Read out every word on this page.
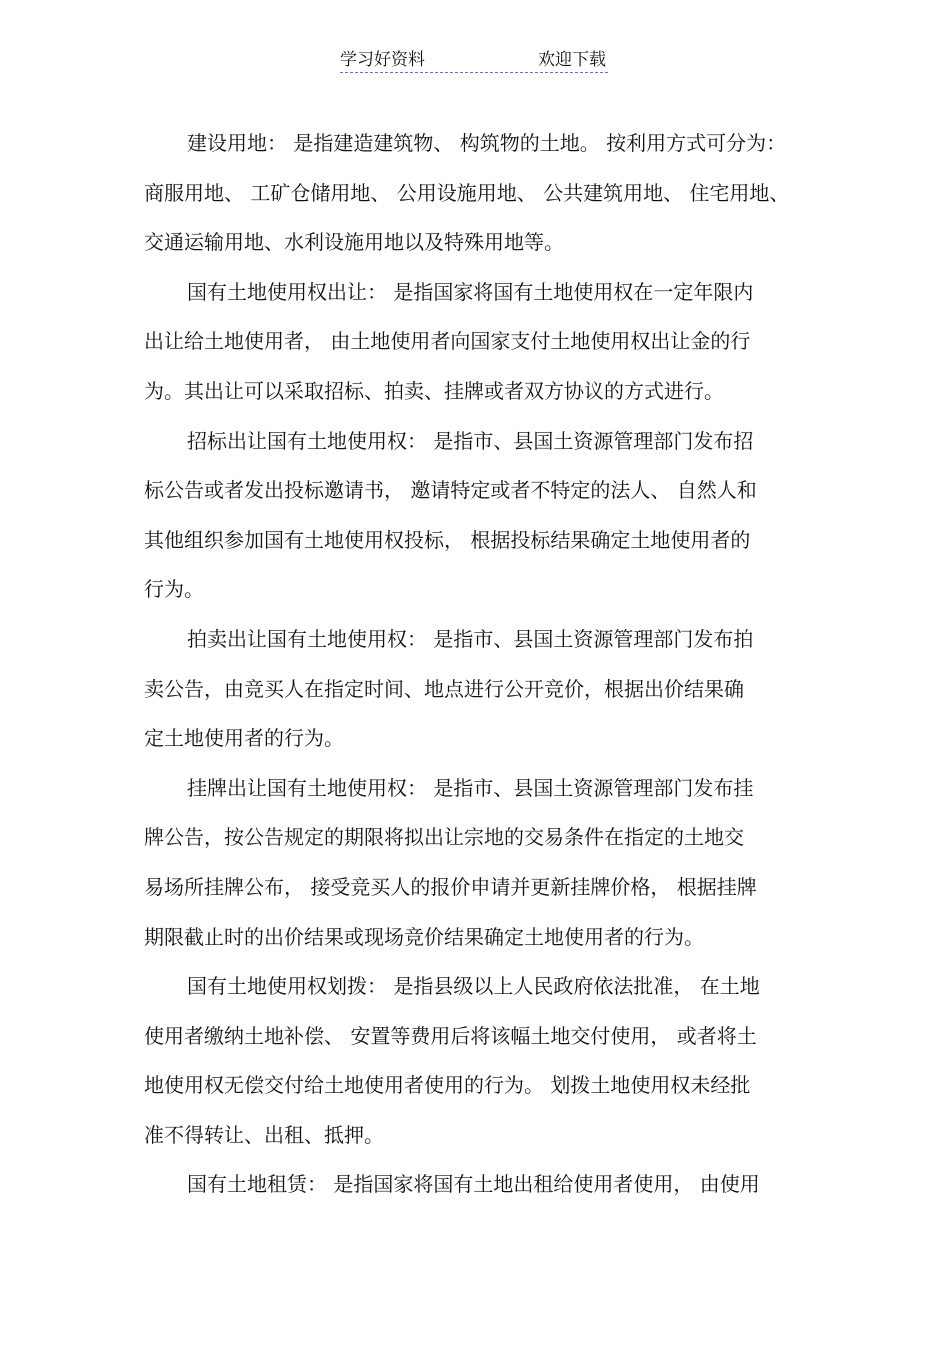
学习好资料	欢迎下载
建设用地： 是指建造建筑物、 构筑物的土地。 按利用方式可分为：
商服用地、 工矿仓储用地、 公用设施用地、 公共建筑用地、 住宅用地、
交通运输用地、水利设施用地以及特殊用地等。
国有土地使用权出让： 是指国家将国有土地使用权在一定年限内
出让给土地使用者， 由土地使用者向国家支付土地使用权出让金的行
为。其出让可以采取招标、拍卖、挂牌或者双方协议的方式进行。
招标出让国有土地使用权： 是指市、县国土资源管理部门发布招
标公告或者发出投标邀请书， 邀请特定或者不特定的法人、 自然人和
其他组织参加国有土地使用权投标， 根据投标结果确定土地使用者的
行为。
拍卖出让国有土地使用权： 是指市、县国土资源管理部门发布拍
卖公告，由竞买人在指定时间、地点进行公开竞价，根据出价结果确
定土地使用者的行为。
挂牌出让国有土地使用权： 是指市、县国土资源管理部门发布挂
牌公告，按公告规定的期限将拟出让宗地的交易条件在指定的土地交
易场所挂牌公布， 接受竞买人的报价申请并更新挂牌价格， 根据挂牌
期限截止时的出价结果或现场竞价结果确定土地使用者的行为。
国有土地使用权划拨： 是指县级以上人民政府依法批准， 在土地
使用者缴纳土地补偿、 安置等费用后将该幅土地交付使用， 或者将土
地使用权无偿交付给土地使用者使用的行为。 划拨土地使用权未经批
准不得转让、出租、抵押。
国有土地租赁： 是指国家将国有土地出租给使用者使用， 由使用
